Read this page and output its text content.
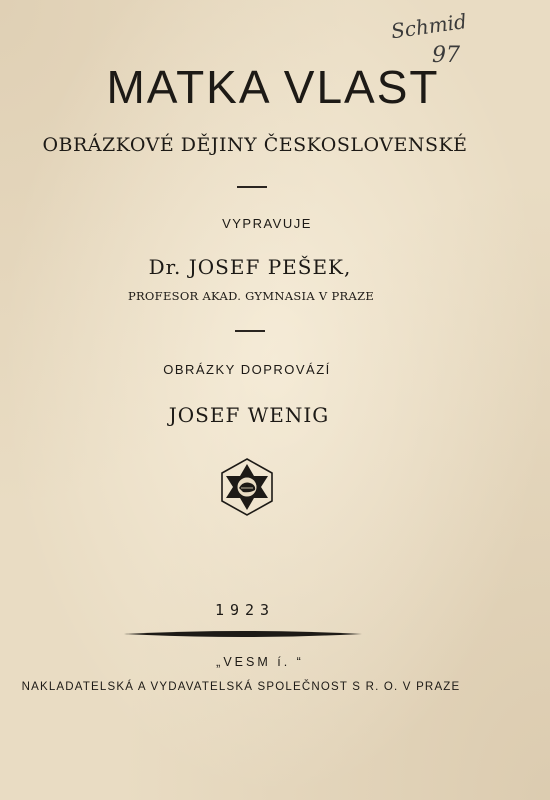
Schmid
97
MATKA VLAST
OBRÁZKOVÉ DĚJINY ČESKOSLOVENSKÉ
VYPRAVUJE
Dr. JOSEF PEŠEK,
PROFESOR AKAD. GYMNASIA V PRAZE
OBRÁZKY DOPROVÁZÍ
JOSEF WENIG
1923
„VESM í. “
NAKLADATELSKÁ A VYDAVATELSKÁ SPOLEČNOST S R. O. V PRAZE
